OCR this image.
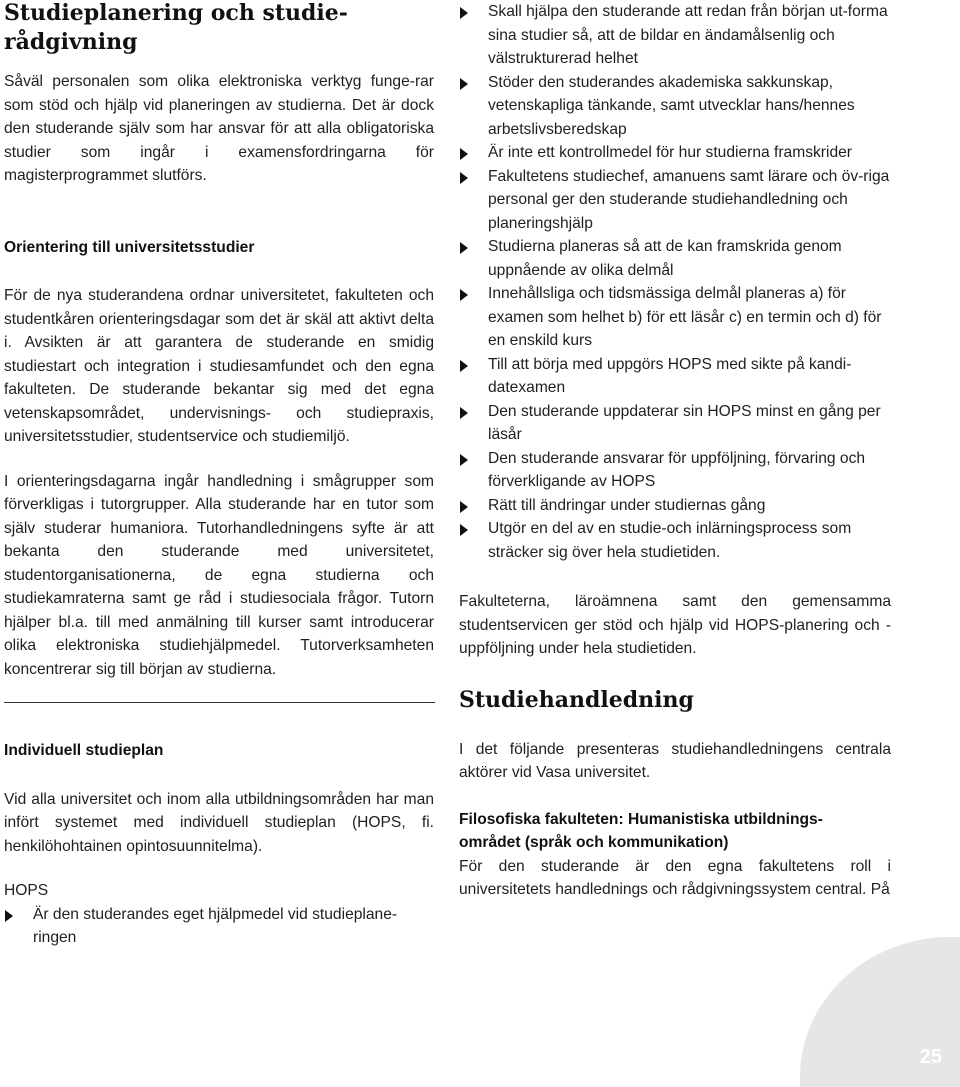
Studieplanering och studie-
rådgivning

Såväl personalen som olika elektroniska verktyg funge-rar som stöd och hjälp vid planeringen av studierna. Det är dock den studerande själv som har ansvar för att alla obligatoriska studier som ingår i examensfordringarna för magisterprogrammet slutförs.

Orientering till universitetsstudier

För de nya studerandena ordnar universitetet, fakulteten och studentkåren orienteringsdagar som det är skäl att aktivt delta i. Avsikten är att garantera de studerande en smidig studiestart och integration i studiesamfundet och den egna fakulteten. De studerande bekantar sig med det egna vetenskapsområdet, undervisnings- och studiepraxis, universitetsstudier, studentservice och studiemiljö.

I orienteringsdagarna ingår handledning i smågrupper som förverkligas i tutorgrupper. Alla studerande har en tutor som själv studerar humaniora. Tutorhandledningens syfte är att bekanta den studerande med universitetet, studentorganisationerna, de egna studierna och studiekamraterna samt ge råd i studiesociala frågor. Tutorn hjälper bl.a. till med anmälning till kurser samt introducerar olika elektroniska studiehjälpmedel. Tutorverksamheten koncentrerar sig till början av studierna.

Individuell studieplan

Vid alla universitet och inom alla utbildningsområden har man infört systemet med individuell studieplan (HOPS, fi. henkilöhohtainen opintosuunnitelma).

HOPS

Är den studerandes eget hjälpmedel vid studieplane-ringen
Skall hjälpa den studerande att redan från början ut-forma sina studier så, att de bildar en ändamålsenlig och välstrukturerad helhet
Stöder den studerandes akademiska sakkunskap, vetenskapliga tänkande, samt utvecklar hans/hennes arbetslivsberedskap
Är inte ett kontrollmedel för hur studierna framskrider
Fakultetens studiechef, amanuens samt lärare och öv-riga personal ger den studerande studiehandledning och planeringshjälp
Studierna planeras så att de kan framskrida genom uppnående av olika delmål
Innehållsliga och tidsmässiga delmål planeras a) för examen som helhet b) för ett läsår c) en termin och d) för en enskild kurs
Till att börja med uppgörs HOPS med sikte på kandi-datexamen
Den studerande uppdaterar sin HOPS minst en gång per läsår
Den studerande ansvarar för uppföljning, förvaring och förverkligande av HOPS
Rätt till ändringar under studiernas gång
Utgör en del av en studie-och inlärningsprocess som sträcker sig över hela studietiden.

Fakulteterna, läroämnena samt den gemensamma studentservicen ger stöd och hjälp vid HOPS-planering och -uppföljning under hela studietiden.

Studiehandledning

I det följande presenteras studiehandledningens centrala aktörer vid Vasa universitet.

Filosofiska fakulteten: Humanistiska utbildnings-
området (språk och kommunikation)

För den studerande är den egna fakultetens roll i universitetets handlednings och rådgivningssystem central. På

25
